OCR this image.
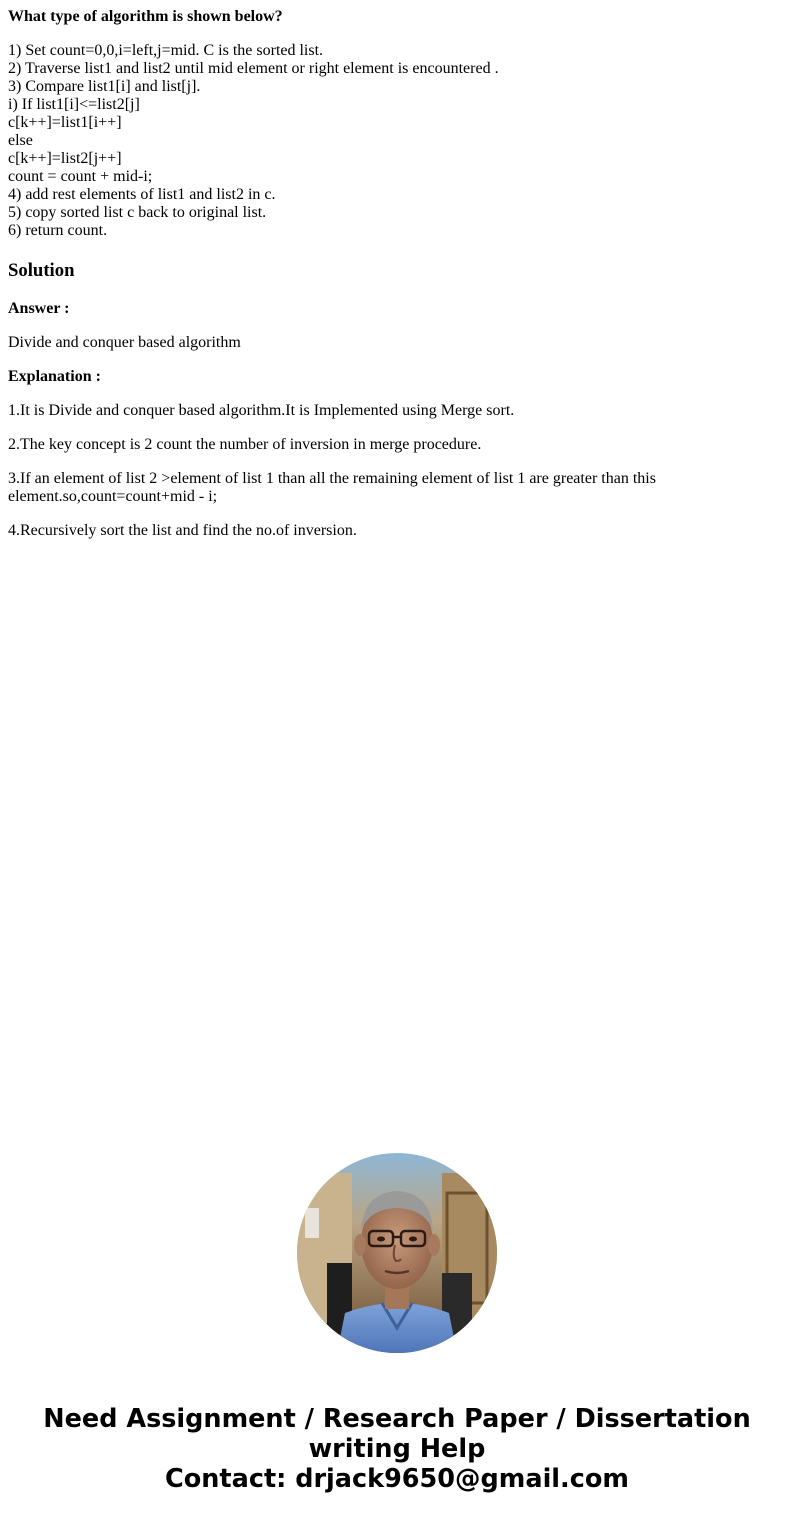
What type of algorithm is shown below?
1) Set count=0,0,i=left,j=mid. C is the sorted list.
2) Traverse list1 and list2 until mid element or right element is encountered .
3) Compare list1[i] and list[j].
i) If list1[i]<=list2[j]
c[k++]=list1[i++]
else
c[k++]=list2[j++]
count = count + mid-i;
4) add rest elements of list1 and list2 in c.
5) copy sorted list c back to original list.
6) return count.
Solution

Answer :

Divide and conquer based algorithm

Explanation :

1.It is Divide and conquer based algorithm.It is Implemented using Merge sort.

2.The key concept is 2 count the number of inversion in merge procedure.

3.If an element of list 2 >element of list 1 than all the remaining element of list 1 are greater than this element.so,count=count+mid - i;

4.Recursively sort the list and find the no.of inversion.

Need Assignment / Research Paper / Dissertation
writing Help
Contact: drjack9650@gmail.com
